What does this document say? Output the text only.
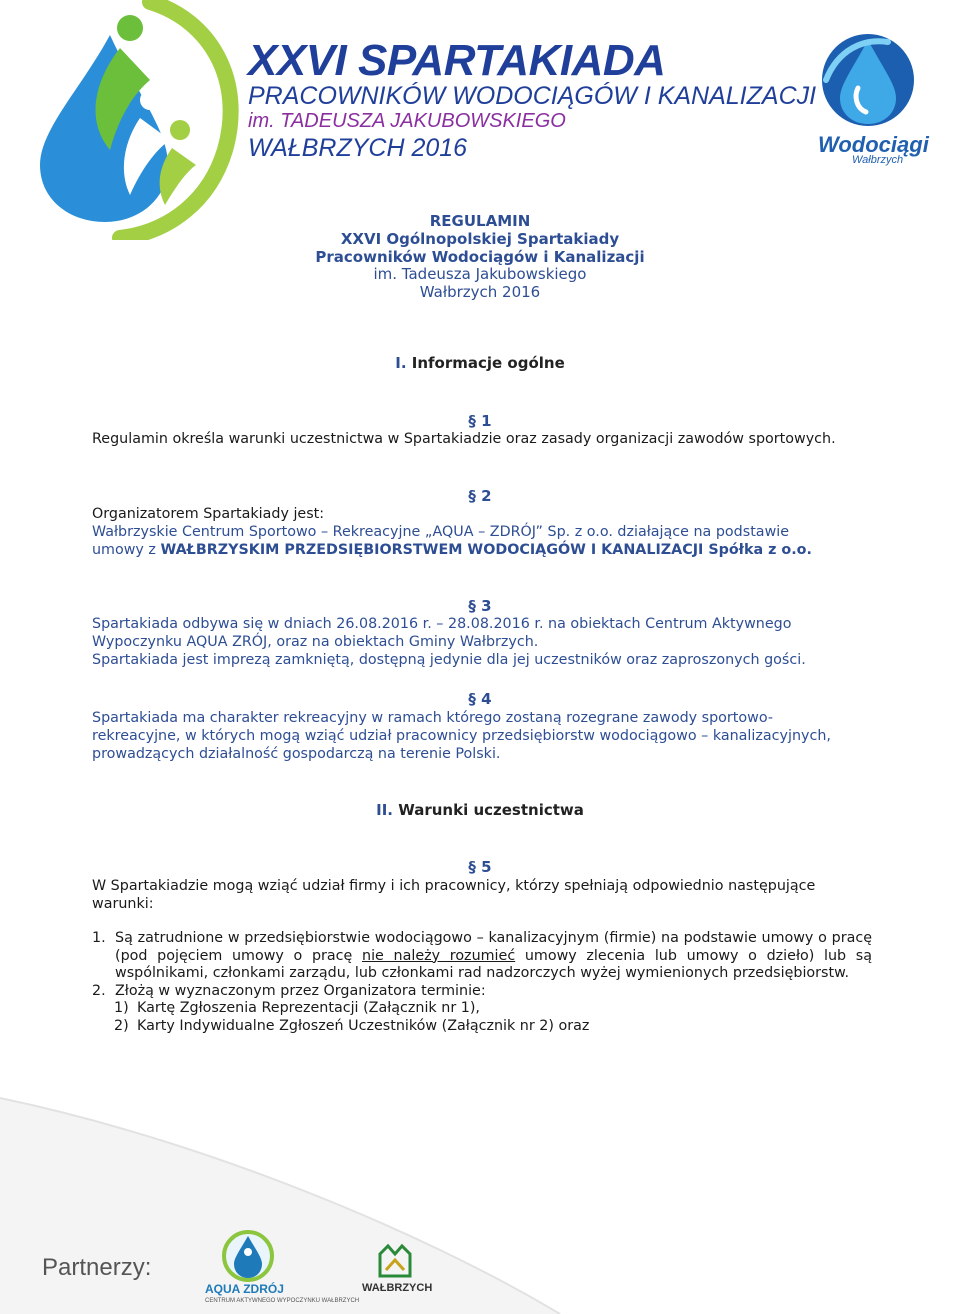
XXVI SPARTAKIADA
PRACOWNIKÓW WODOCIĄGÓW I KANALIZACJI
im. TADEUSZA JAKUBOWSKIEGO
WAŁBRZYCH 2016	Wodociągi
Wałbrzych
REGULAMIN
XXVI Ogólnopolskiej Spartakiady
Pracowników Wodociągów i Kanalizacji
im. Tadeusza Jakubowskiego
Wałbrzych 2016
I. Informacje ogólne
§ 1
Regulamin określa warunki uczestnictwa w Spartakiadzie oraz zasady organizacji zawodów sportowych.
§ 2
Organizatorem Spartakiady jest:
Wałbrzyskie Centrum Sportowo – Rekreacyjne „AQUA – ZDRÓJ” Sp. z o.o. działające na podstawie
umowy z WAŁBRZYSKIM PRZEDSIĘBIORSTWEM WODOCIĄGÓW I KANALIZACJI Spółka z o.o.
§ 3
Spartakiada odbywa się w dniach 26.08.2016 r. – 28.08.2016 r. na obiektach Centrum Aktywnego
Wypoczynku AQUA ZRÓJ, oraz na obiektach Gminy Wałbrzych.
Spartakiada jest imprezą zamkniętą, dostępną jedynie dla jej uczestników oraz zaproszonych gości.
§ 4
Spartakiada ma charakter rekreacyjny w ramach którego zostaną rozegrane zawody sportowo-
rekreacyjne, w których mogą wziąć udział pracownicy przedsiębiorstw wodociągowo – kanalizacyjnych,
prowadzących działalność gospodarczą na terenie Polski.
II. Warunki uczestnictwa
§ 5
W Spartakiadzie mogą wziąć udział firmy i ich pracownicy, którzy spełniają odpowiednio następujące
warunki:
1. Są zatrudnione w przedsiębiorstwie wodociągowo – kanalizacyjnym (firmie) na podstawie umowy o pracę (pod pojęciem umowy o pracę nie należy rozumieć umowy zlecenia lub umowy o dzieło) lub są wspólnikami, członkami zarządu, lub członkami rad nadzorczych wyżej wymienionych przedsiębiorstw.
2. Złożą w wyznaczonym przez Organizatora terminie:
1) Kartę Zgłoszenia Reprezentacji (Załącznik nr 1),
2) Karty Indywidualne Zgłoszeń Uczestników (Załącznik nr 2) oraz
Partnerzy:
AQUA ZDRÓJ
CENTRUM AKTYWNEGO WYPOCZYNKU WAŁBRZYCH
WAŁBRZYCH
